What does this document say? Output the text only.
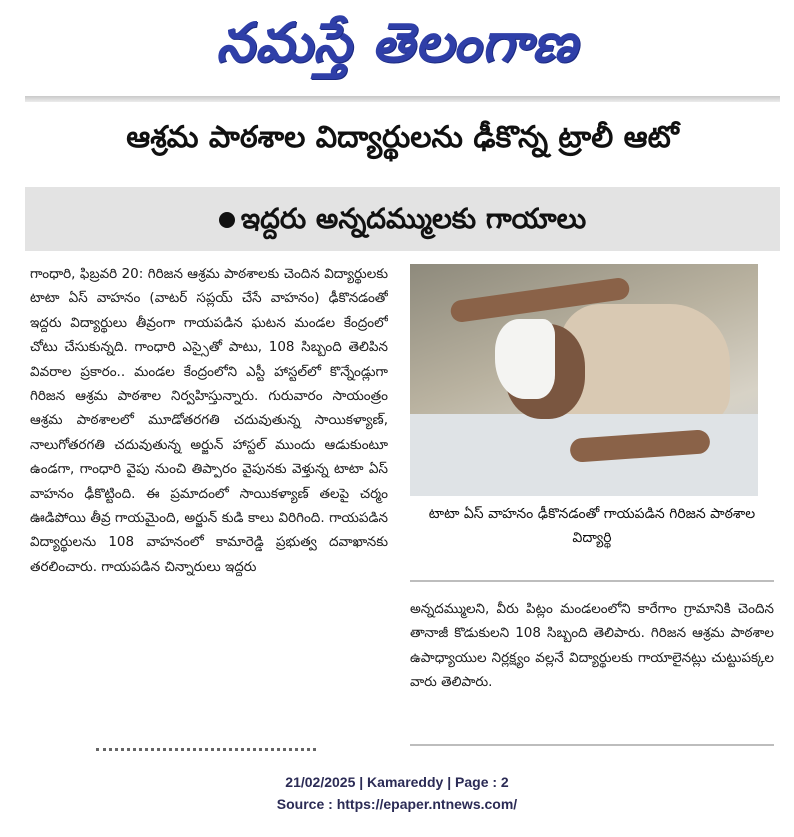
నమస్తే తెలంగాణ
ఆశ్రమ పాఠశాల విద్యార్థులను ఢీకొన్న ట్రాలీ ఆటో
ఇద్దరు అన్నదమ్ములకు గాయాలు

గాంధారి, ఫిబ్రవరి 20: గిరిజన ఆశ్రమ పాఠశాలకు చెందిన విద్యార్థులకు టాటా ఏస్ వాహనం (వాటర్ సప్లయ్ చేసే వాహనం) ఢీకొనడంతో ఇద్దరు విద్యార్థులు తీవ్రంగా గాయపడిన ఘటన మండల కేంద్రంలో చోటు చేసుకున్నది. గాంధారి ఎస్సైతో పాటు, 108 సిబ్బంది తెలిపిన వివరాల ప్రకారం.. మండల కేంద్రంలోని ఎస్టీ హాస్టల్‌లో కొన్నేండ్లుగా గిరిజన ఆశ్రమ పాఠశాల నిర్వహిస్తున్నారు. గురువారం సాయంత్రం ఆశ్రమ పాఠశాలలో మూడోతరగతి చదువుతున్న సాయికళ్యాణ్, నాలుగోతరగతి చదువుతున్న అర్జున్ హాస్టల్ ముందు ఆడుకుంటూ ఉండగా, గాంధారి వైపు నుంచి తిప్పారం వైపునకు వెళ్తున్న టాటా ఏస్ వాహనం ఢీకొట్టింది. ఈ ప్రమాదంలో సాయికళ్యాణ్ తలపై చర్మం ఊడిపోయి తీవ్ర గాయమైంది, అర్జున్ కుడి కాలు విరిగింది. గాయపడిన విద్యార్థులను 108 వాహనంలో కామారెడ్డి ప్రభుత్వ దవాఖానకు తరలించారు. గాయపడిన చిన్నారులు ఇద్దరు

టాటా ఏస్ వాహనం ఢీకొనడంతో గాయపడిన గిరిజన పాఠశాల విద్యార్థి

అన్నదమ్ములని, వీరు పిట్లం మండలంలోని కారేగాం గ్రామానికి చెందిన తానాజీ కొడుకులని 108 సిబ్బంది తెలిపారు. గిరిజన ఆశ్రమ పాఠశాల ఉపాధ్యాయుల నిర్లక్ష్యం వల్లనే విద్యార్థులకు గాయాలైనట్లు చుట్టుపక్కల వారు తెలిపారు.

21/02/2025 | Kamareddy | Page : 2
Source : https://epaper.ntnews.com/
